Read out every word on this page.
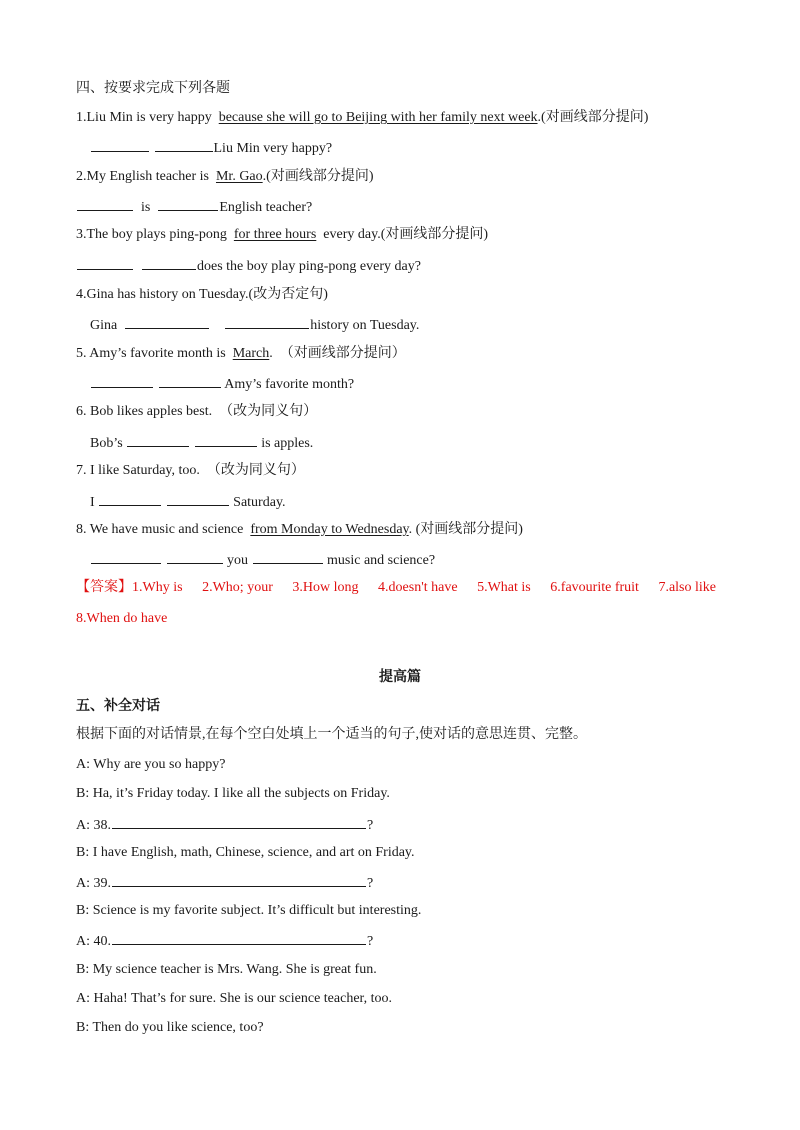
四、按要求完成下列各题
1.Liu Min is very happy  because she will go to Beijing with her family next week.(对画线部分提问)
Liu Min very happy?
2.My English teacher is  Mr. Gao.(对画线部分提问)
is	English teacher?
3.The boy plays ping-pong  for three hours  every day.(对画线部分提问)
does the boy play ping-pong every day?
4.Gina has history on Tuesday.(改为否定句)
Gina	history on Tuesday.
5. Amy’s favorite month is  March.  （对画线部分提问）
Amy’s favorite month?
6. Bob likes apples best.  （改为同义句）
Bob’s	is apples.
7. I like Saturday, too.  （改为同义句）
I	Saturday.
8. We have music and science  from Monday to Wednesday. (对画线部分提问)
you	music and science?
【答案】1.Why is 2.Who; your 3.How long 4.doesn't have 5.What is 6.favourite fruit 7.also like
8.When do have
提高篇
五、补全对话
根据下面的对话情景,在每个空白处填上一个适当的句子,使对话的意思连贯、完整。
A: Why are you so happy?
B: Ha, it’s Friday today. I like all the subjects on Friday.
A: 38.	?
B: I have English, math, Chinese, science, and art on Friday.
A: 39.	?
B: Science is my favorite subject. It’s difficult but interesting.
A: 40.	?
B: My science teacher is Mrs. Wang. She is great fun.
A: Haha! That’s for sure. She is our science teacher, too.
B: Then do you like science, too?
